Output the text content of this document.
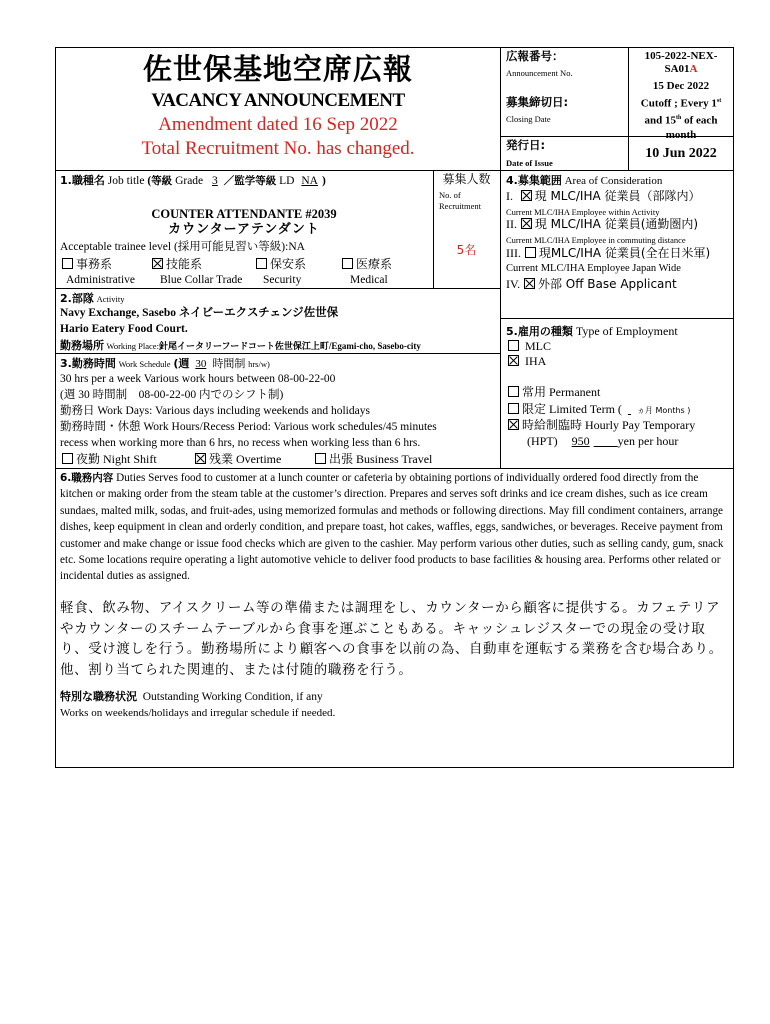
佐世保基地空席広報
VACANCY ANNOUNCEMENT
Amendment dated 16 Sep 2022
Total Recruitment No. has changed.
広報番号：
Announcement No.
105-2022-NEX-
SA01A
募集締切日:
Closing Date
15 Dec 2022
Cutoff ; Every 1st
and 15th of each
month
発行日:
Date of Issue
10 Jun 2022
1.職種名 Job title (等級 Grade 3 ／監学等級 LD NA )
COUNTER ATTENDANTE #2039
カウンターアテンダント
Acceptable trainee level (採用可能見習い等級):NA
事務系
Administrative
技能系
Blue Collar Trade
保安系
Security
医療系
Medical
募集人数
No. of
Recruitment
5名
4.募集範囲 Area of Consideration
I. 現 MLC/IHA 従業員（部隊内）
Current MLC/IHA Employee within Activity
II. 現 MLC/IHA 従業員(通勤圏内)
Current MLC/IHA Employee in commuting distance
III. 現MLC/IHA 従業員(全在日米軍)
Current MLC/IHA Employee Japan Wide
IV. 外部 Off Base Applicant
2.部隊 Activity
Navy Exchange, Sasebo ネイビーエクスチェンジ佐世保
Hario Eatery Food Court.
勤務場所 Working Place:針尾イータリーフードコート佐世保江上町/Egami-cho, Sasebo-city
5.雇用の種類 Type of Employment
MLC
IHA
常用 Permanent
限定 Limited Term ( ヵ月 Months )
時給制臨時 Hourly Pay Temporary
(HPT) 950 yen per hour
3.勤務時間 Work Schedule (週 30 時間制 hrs/w)
30 hrs per a week Various work hours between 08-00-22-00
(週 30 時間制　08-00-22-00 内でのシフト制)
勤務日 Work Days: Various days including weekends and holidays
勤務時間・休憩 Work Hours/Recess Period: Various work schedules/45 minutes
recess when working more than 6 hrs, no recess when working less than 6 hrs.
夜勤 Night Shift	残業 Overtime	出張 Business Travel
6.職務内容 Duties Serves food to customer at a lunch counter or cafeteria by obtaining portions of individually ordered food directly from the kitchen or making order from the steam table at the customer’s direction. Prepares and serves soft drinks and ice cream dishes, such as ice cream sundaes, malted milk, sodas, and fruit-ades, using memorized formulas and methods or following directions. May fill condiment containers, arrange dishes, keep equipment in clean and orderly condition, and prepare toast, hot cakes, waffles, eggs, sandwiches, or beverages. Receive payment from customer and make change or issue food checks which are given to the cashier. May perform various other duties, such as selling candy, gum, snack etc. Some locations require operating a light automotive vehicle to deliver food products to base facilities & housing area. Performs other related or incidental duties as assigned.
軽食、飲み物、アイスクリーム等の準備または調理をし、カウンターから顧客に提供する。カフェテリアやカウンターのスチームテーブルから食事を運ぶこともある。キャッシュレジスターでの現金の受け取り、受け渡しを行う。勤務場所により顧客への食事を以前の為、自動車を運転する業務を含む場合あり。他、割り当てられた関連的、または付随的職務を行う。
特別な職務状況 Outstanding Working Condition, if any
Works on weekends/holidays and irregular schedule if needed.
